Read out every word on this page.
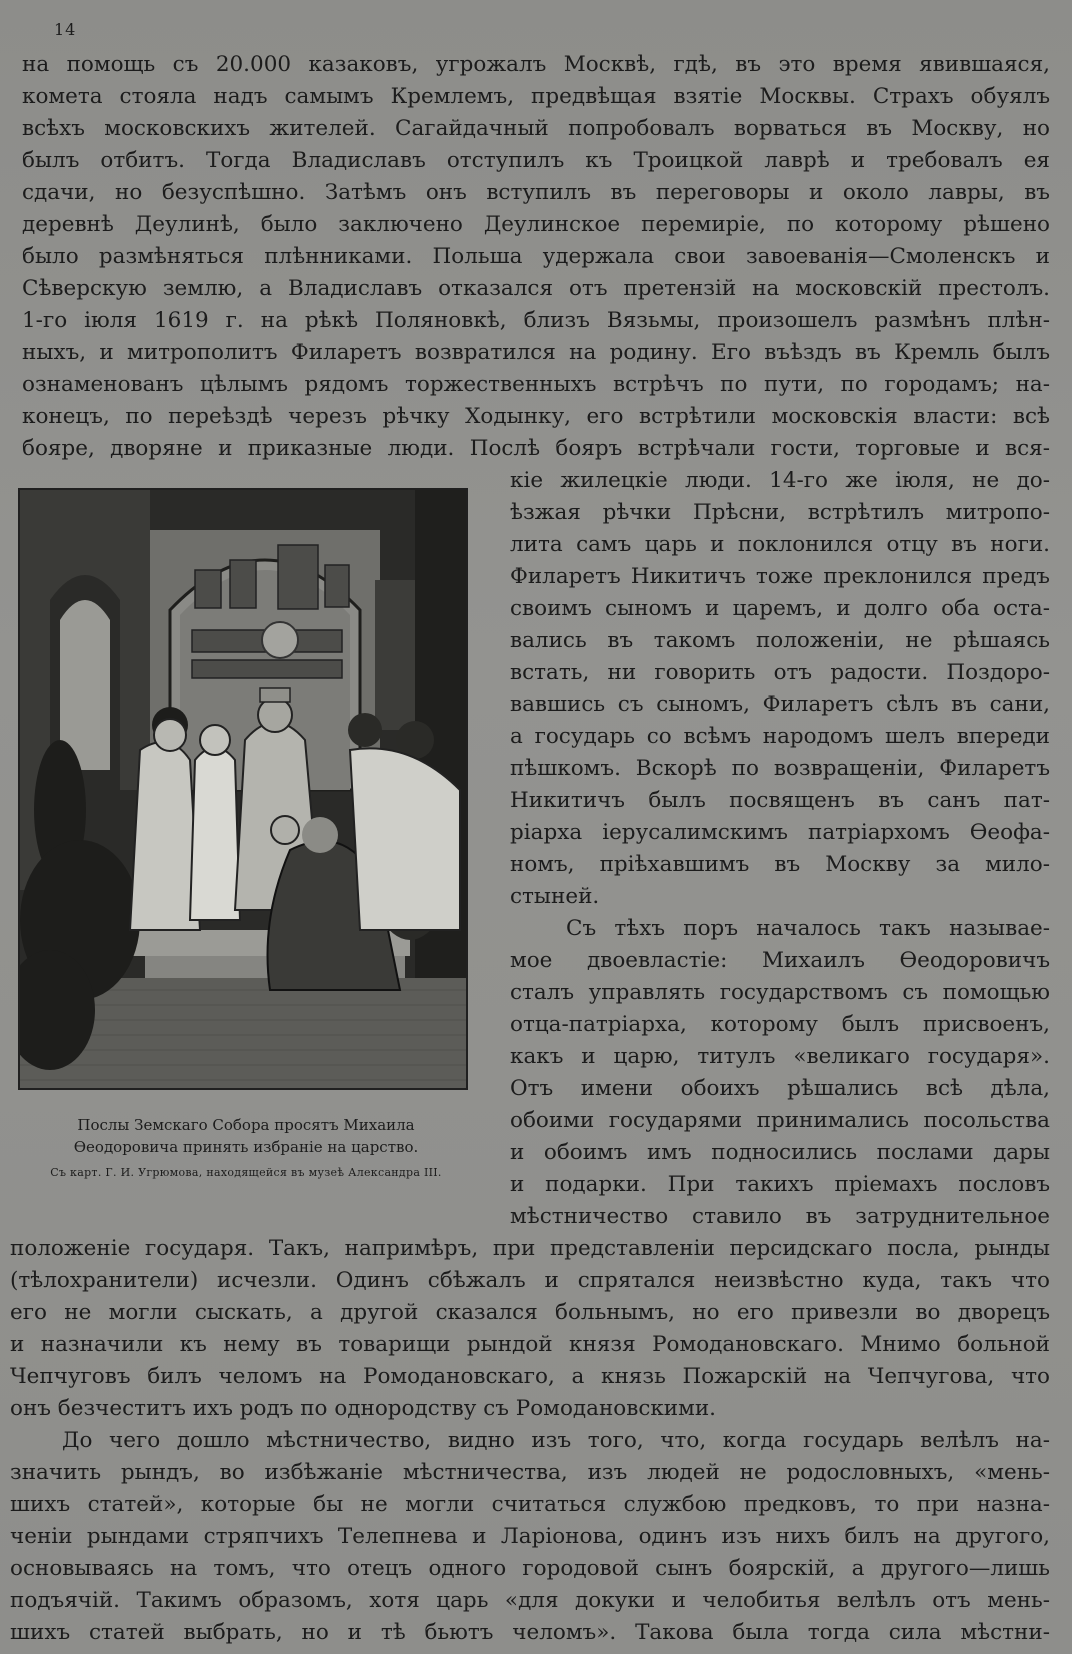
14
на помощь съ 20.000 казаковъ, угрожалъ Москвѣ, гдѣ, въ это время явившаяся,
комета стояла надъ самымъ Кремлемъ, предвѣщая взятіе Москвы. Страхъ обуялъ
всѣхъ московскихъ жителей. Сагайдачный попробовалъ ворваться въ Москву, но
былъ отбитъ. Тогда Владиславъ отступилъ къ Троицкой лаврѣ и требовалъ ея
сдачи, но безуспѣшно. Затѣмъ онъ вступилъ въ переговоры и около лавры, въ
деревнѣ Деулинѣ, было заключено Деулинское перемиріе, по которому рѣшено
было размѣняться плѣнниками. Польша удержала свои завоеванія—Смоленскъ и
Сѣверскую землю, а Владиславъ отказался отъ претензій на московскій престолъ.
1-го іюля 1619 г. на рѣкѣ Поляновкѣ, близъ Вязьмы, произошелъ размѣнъ плѣн-
ныхъ, и митрополитъ Филаретъ возвратился на родину. Его въѣздъ въ Кремль былъ
ознаменованъ цѣлымъ рядомъ торжественныхъ встрѣчъ по пути, по городамъ; на-
конецъ, по переѣздѣ черезъ рѣчку Ходынку, его встрѣтили московскія власти: всѣ
бояре, дворяне и приказные люди. Послѣ бояръ встрѣчали гости, торговые и вся-
Послы Земскаго Собора просятъ Михаила
Ѳеодоровича принять избраніе на царство.
Съ карт. Г. И. Угрюмова, находящейся въ музеѣ Александра III.
кіе жилецкіе люди. 14-го же іюля, не до-
ѣзжая рѣчки Прѣсни, встрѣтилъ митропо-
лита самъ царь и поклонился отцу въ ноги.
Филаретъ Никитичъ тоже преклонился предъ
своимъ сыномъ и царемъ, и долго оба оста-
вались въ такомъ положеніи, не рѣшаясь
встать, ни говорить отъ радости. Поздоро-
вавшись съ сыномъ, Филаретъ сѣлъ въ сани,
а государь со всѣмъ народомъ шелъ впереди
пѣшкомъ. Вскорѣ по возвращеніи, Филаретъ
Никитичъ былъ посвященъ въ санъ пат-
ріарха іерусалимскимъ патріархомъ Ѳеофа-
номъ, пріѣхавшимъ въ Москву за мило-
стыней.
Съ тѣхъ поръ началось такъ называе-
мое двоевластіе: Михаилъ Ѳеодоровичъ
сталъ управлять государствомъ съ помощью
отца-патріарха, которому былъ присвоенъ,
какъ и царю, титулъ «великаго государя».
Отъ имени обоихъ рѣшались всѣ дѣла,
обоими государями принимались посольства
и обоимъ имъ подносились послами дары
и подарки. При такихъ пріемахъ пословъ
мѣстничество ставило въ затруднительное
положеніе государя. Такъ, напримѣръ, при представленіи персидскаго посла, рынды
(тѣлохранители) исчезли. Одинъ сбѣжалъ и спрятался неизвѣстно куда, такъ что
его не могли сыскать, а другой сказался больнымъ, но его привезли во дворецъ
и назначили къ нему въ товарищи рындой князя Ромодановскаго. Мнимо больной
Чепчуговъ билъ челомъ на Ромодановскаго, а князь Пожарскій на Чепчугова, что
онъ безчеститъ ихъ родъ по однородству съ Ромодановскими.
До чего дошло мѣстничество, видно изъ того, что, когда государь велѣлъ на-
значить рындъ, во избѣжаніе мѣстничества, изъ людей не родословныхъ, «мень-
шихъ статей», которые бы не могли считаться службою предковъ, то при назна-
ченіи рындами стряпчихъ Телепнева и Ларіонова, одинъ изъ нихъ билъ на другого,
основываясь на томъ, что отецъ одного городовой сынъ боярскій, а другого—лишь
подъячій. Такимъ образомъ, хотя царь «для докуки и челобитья велѣлъ отъ мень-
шихъ статей выбрать, но и тѣ бьютъ челомъ». Такова была тогда сила мѣстни-
